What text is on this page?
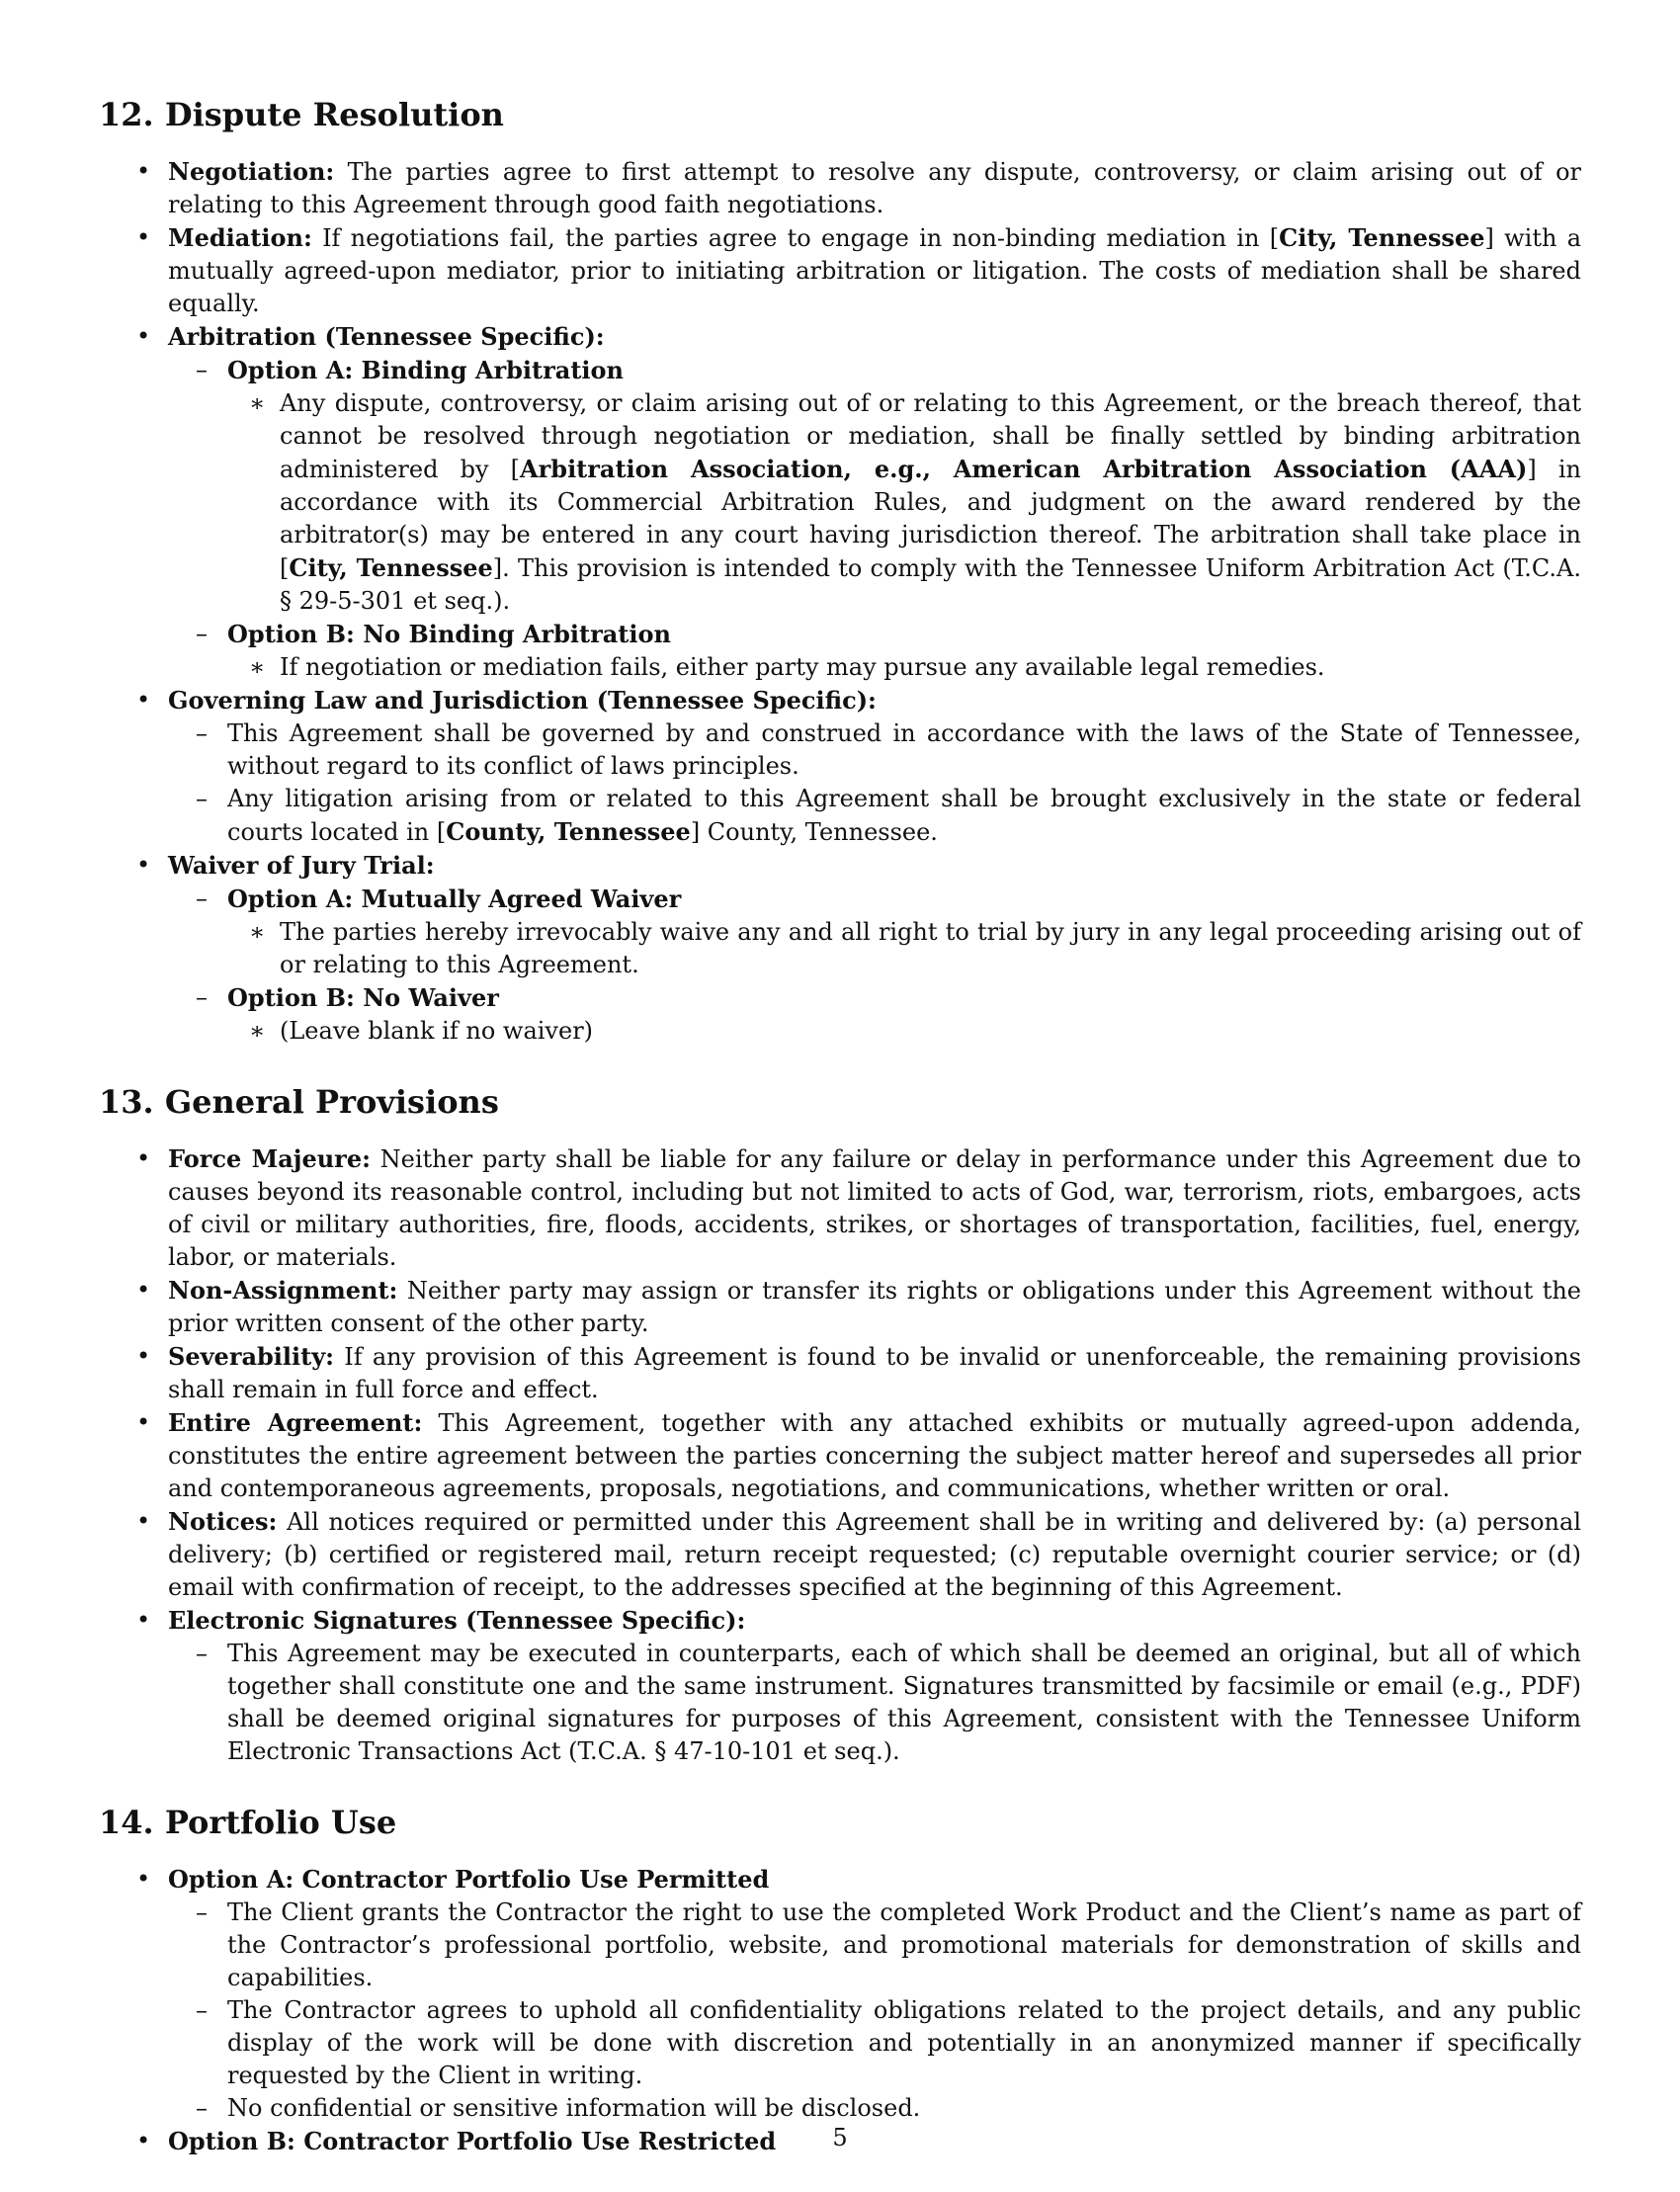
12. Dispute Resolution
• Negotiation: The parties agree to first attempt to resolve any dispute, controversy, or claim arising out of or relating to this Agreement through good faith negotiations.
• Mediation: If negotiations fail, the parties agree to engage in non-binding mediation in [City, Tennessee] with a mutually agreed-upon mediator, prior to initiating arbitration or litigation. The costs of mediation shall be shared equally.
• Arbitration (Tennessee Specific):
– Option A: Binding Arbitration
∗ Any dispute, controversy, or claim arising out of or relating to this Agreement, or the breach thereof, that cannot be resolved through negotiation or mediation, shall be finally settled by binding arbitration administered by [Arbitration Association, e.g., American Arbitration Association (AAA)] in accordance with its Commercial Arbitration Rules, and judgment on the award rendered by the arbitrator(s) may be entered in any court having jurisdiction thereof. The arbitration shall take place in [City, Tennessee]. This provision is intended to comply with the Tennessee Uniform Arbitration Act (T.C.A. § 29-5-301 et seq.).
– Option B: No Binding Arbitration
∗ If negotiation or mediation fails, either party may pursue any available legal remedies.
• Governing Law and Jurisdiction (Tennessee Specific):
– This Agreement shall be governed by and construed in accordance with the laws of the State of Tennessee, without regard to its conflict of laws principles.
– Any litigation arising from or related to this Agreement shall be brought exclusively in the state or federal courts located in [County, Tennessee] County, Tennessee.
• Waiver of Jury Trial:
– Option A: Mutually Agreed Waiver
∗ The parties hereby irrevocably waive any and all right to trial by jury in any legal proceeding arising out of or relating to this Agreement.
– Option B: No Waiver
∗ (Leave blank if no waiver)
13. General Provisions
• Force Majeure: Neither party shall be liable for any failure or delay in performance under this Agreement due to causes beyond its reasonable control, including but not limited to acts of God, war, terrorism, riots, embargoes, acts of civil or military authorities, fire, floods, accidents, strikes, or shortages of transportation, facilities, fuel, energy, labor, or materials.
• Non-Assignment: Neither party may assign or transfer its rights or obligations under this Agreement without the prior written consent of the other party.
• Severability: If any provision of this Agreement is found to be invalid or unenforceable, the remaining provisions shall remain in full force and effect.
• Entire Agreement: This Agreement, together with any attached exhibits or mutually agreed-upon addenda, constitutes the entire agreement between the parties concerning the subject matter hereof and supersedes all prior and contemporaneous agreements, proposals, negotiations, and communications, whether written or oral.
• Notices: All notices required or permitted under this Agreement shall be in writing and delivered by: (a) personal delivery; (b) certified or registered mail, return receipt requested; (c) reputable overnight courier service; or (d) email with confirmation of receipt, to the addresses specified at the beginning of this Agreement.
• Electronic Signatures (Tennessee Specific):
– This Agreement may be executed in counterparts, each of which shall be deemed an original, but all of which together shall constitute one and the same instrument. Signatures transmitted by facsimile or email (e.g., PDF) shall be deemed original signatures for purposes of this Agreement, consistent with the Tennessee Uniform Electronic Transactions Act (T.C.A. § 47-10-101 et seq.).
14. Portfolio Use
• Option A: Contractor Portfolio Use Permitted
– The Client grants the Contractor the right to use the completed Work Product and the Client’s name as part of the Contractor’s professional portfolio, website, and promotional materials for demonstration of skills and capabilities.
– The Contractor agrees to uphold all confidentiality obligations related to the project details, and any public display of the work will be done with discretion and potentially in an anonymized manner if specifically requested by the Client in writing.
– No confidential or sensitive information will be disclosed.
• Option B: Contractor Portfolio Use Restricted	5
